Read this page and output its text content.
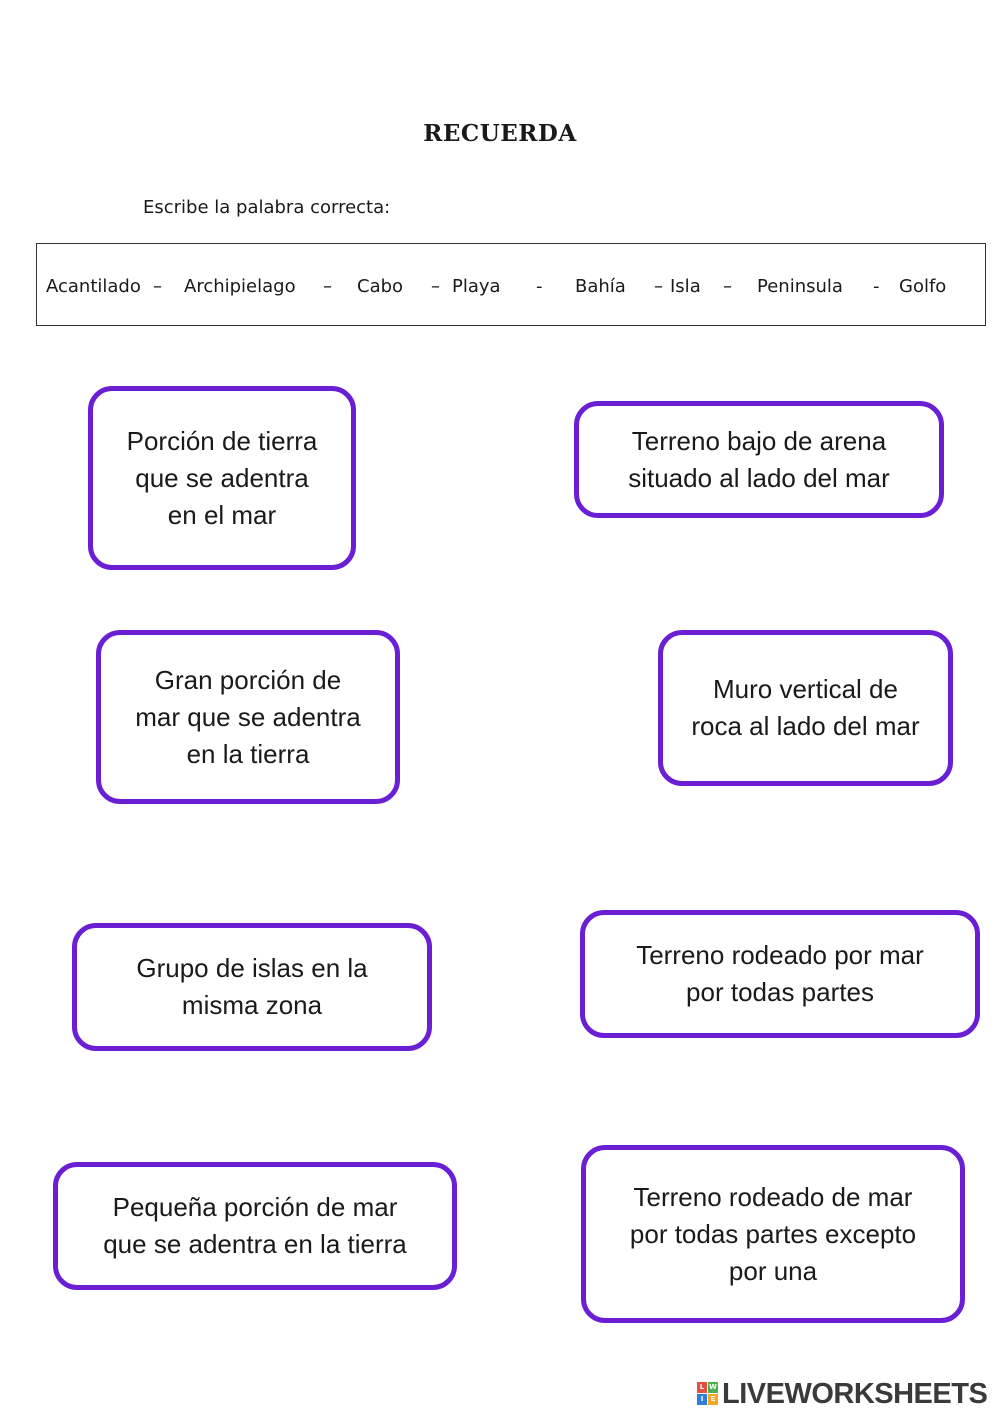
RECUERDA
Escribe la palabra correcta:
Acantilado – Archipielago – Cabo – Playa - Bahía – Isla – Peninsula - Golfo
Porción de tierra
que se adentra
en el mar
Terreno bajo de arena
situado al lado del mar
Gran porción de
mar que se adentra
en la tierra
Muro vertical de
roca al lado del mar
Grupo de islas en la
misma zona
Terreno rodeado por mar
por todas partes
Pequeña porción de mar
que se adentra en la tierra
Terreno rodeado de mar
por todas partes excepto
por una
L W
I	E LIVEWORKSHEETS
